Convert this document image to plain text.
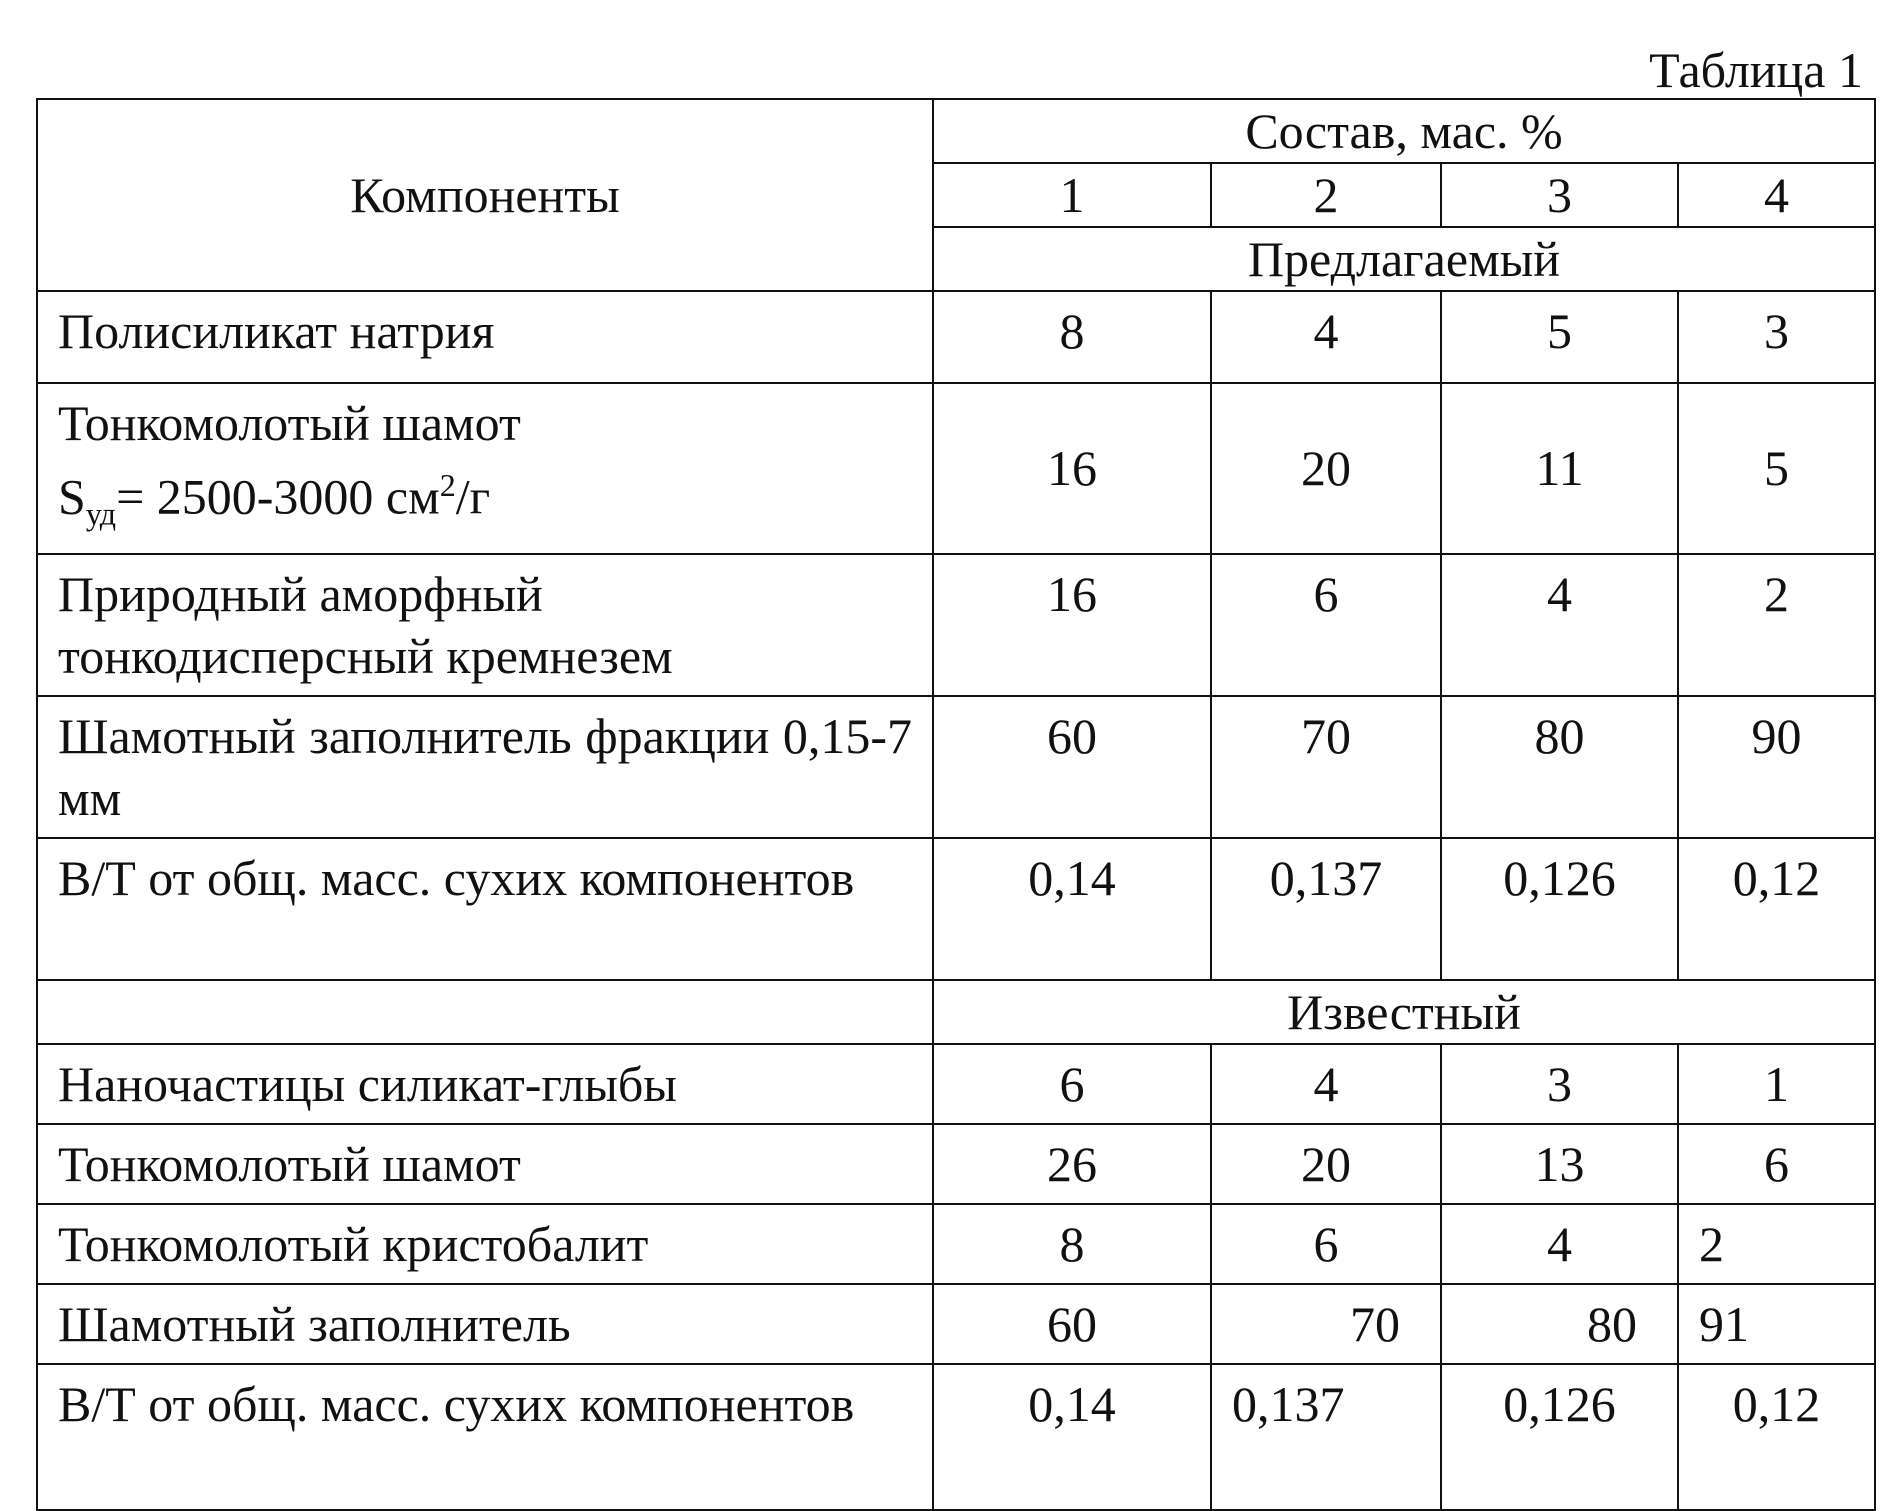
Таблица 1
Компоненты	Состав, мас. %			
	1	2	3	4
	Предлагаемый			
Полисиликат натрия	8	4	5	3

Тонкомолотый шамот
$S_{уд}= 2500-3000$ $см^2/г$	16	20	11	5
Природный аморфный тонкодисперсный кремнезем	16	6	4	2
Шамотный заполнитель фракции 0,15-7 мм	60	70	80	90
В/Т от общ. масс. сухих компонентов	0,14	0,137	0,126	0,12
	Известный			
Наночастицы силикат-глыбы	6	4	3	1
Тонкомолотый шамот	26	20	13	6
Тонкомолотый кристобалит	8	6	4	2
Шамотный заполнитель	60	70	80	91
В/Т от общ. масс. сухих компонентов	0,14	0,137	0,126	0,12
